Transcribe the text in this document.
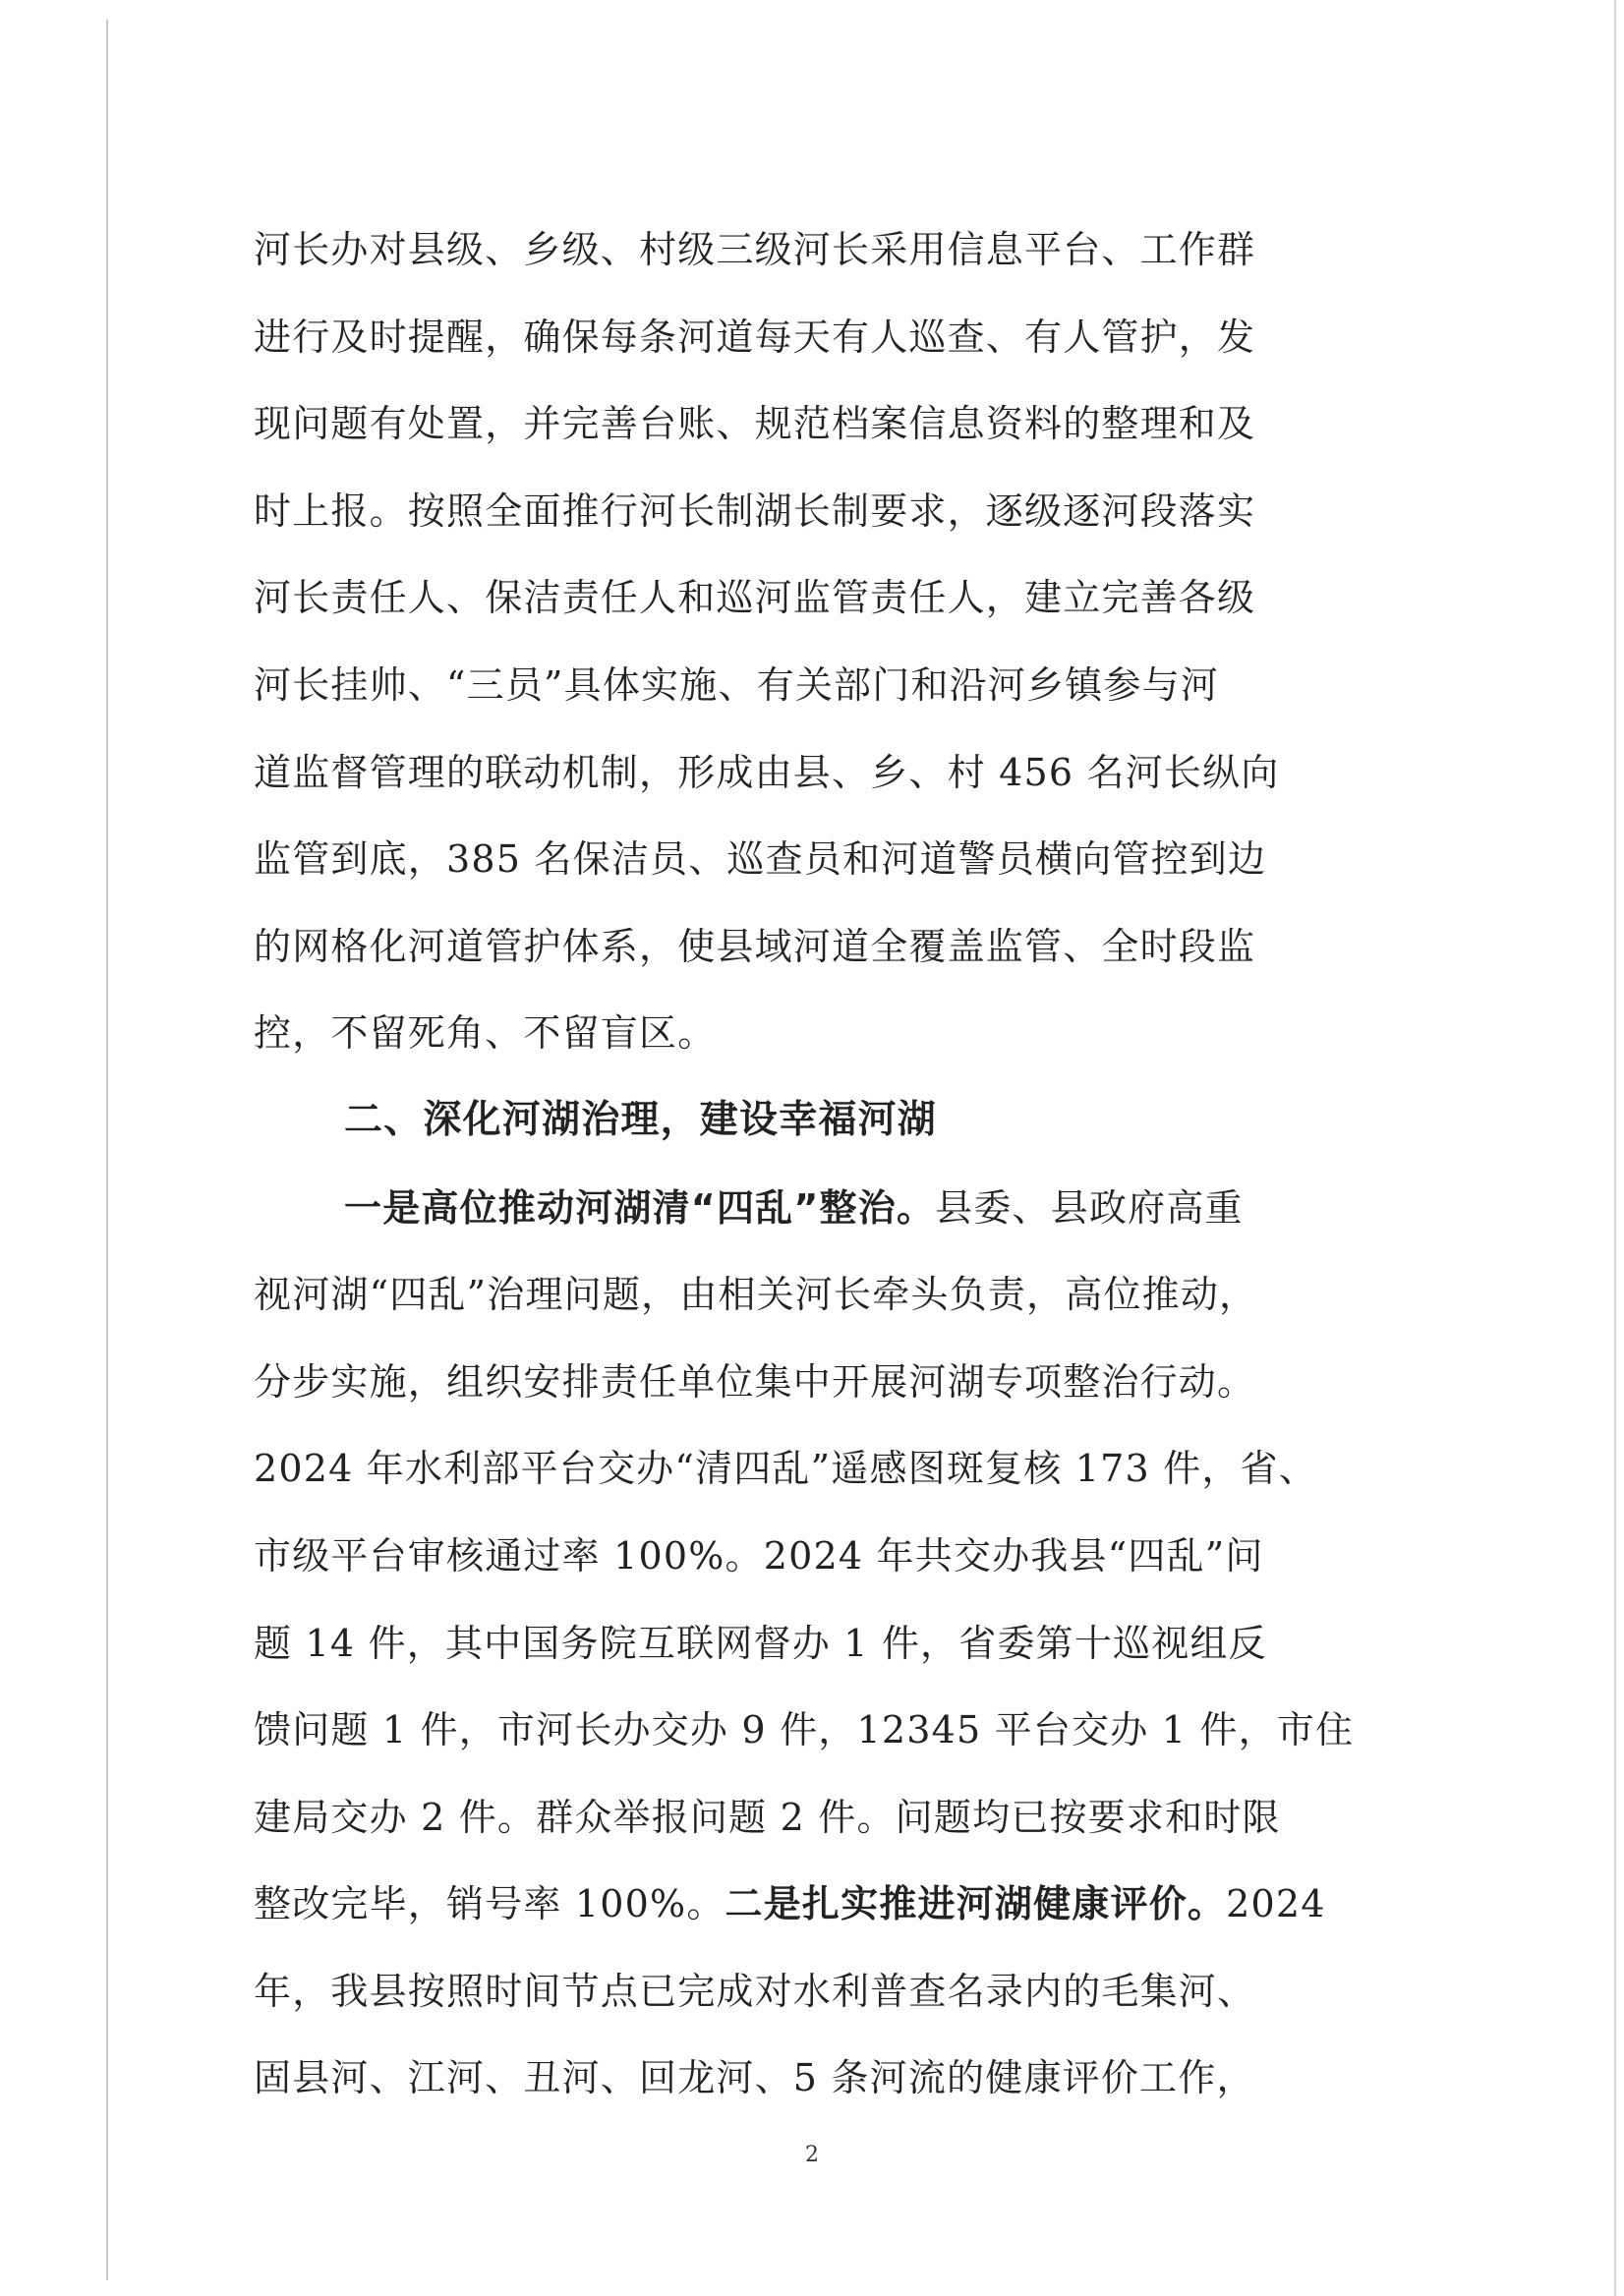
河长办对县级、乡级、村级三级河长采用信息平台、工作群
进行及时提醒，确保每条河道每天有人巡查、有人管护，发
现问题有处置，并完善台账、规范档案信息资料的整理和及
时上报。按照全面推行河长制湖长制要求，逐级逐河段落实
河长责任人、保洁责任人和巡河监管责任人，建立完善各级
河长挂帅、“三员”具体实施、有关部门和沿河乡镇参与河
道监督管理的联动机制，形成由县、乡、村 456 名河长纵向
监管到底，385 名保洁员、巡查员和河道警员横向管控到边
的网格化河道管护体系，使县域河道全覆盖监管、全时段监
控，不留死角、不留盲区。
二、深化河湖治理，建设幸福河湖
一是高位推动河湖清“四乱”整治。县委、县政府高重
视河湖“四乱”治理问题，由相关河长牵头负责，高位推动，
分步实施，组织安排责任单位集中开展河湖专项整治行动。
2024 年水利部平台交办“清四乱”遥感图斑复核 173 件，省、
市级平台审核通过率 100%。2024 年共交办我县“四乱”问
题 14 件，其中国务院互联网督办 1 件，省委第十巡视组反
馈问题 1 件，市河长办交办 9 件，12345 平台交办 1 件，市住
建局交办 2 件。群众举报问题 2 件。问题均已按要求和时限
整改完毕，销号率 100%。二是扎实推进河湖健康评价。2024
年，我县按照时间节点已完成对水利普查名录内的毛集河、
固县河、江河、丑河、回龙河、5 条河流的健康评价工作，
2
